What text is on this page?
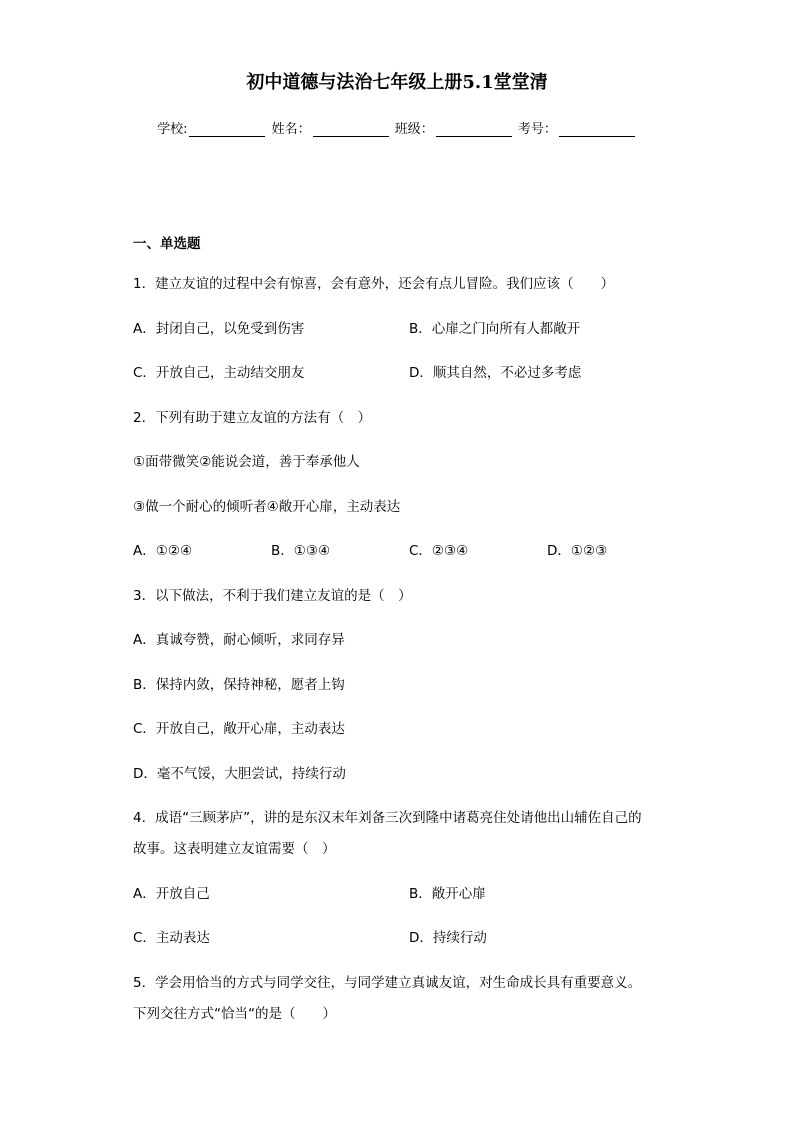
初中道德与法治七年级上册5.1堂堂清
学校:	姓名：	班级：	考号：
一、单选题
1．建立友谊的过程中会有惊喜，会有意外，还会有点儿冒险。我们应该（　　）
A．封闭自己，以免受到伤害	B．心扉之门向所有人都敞开
C．开放自己，主动结交朋友	D．顺其自然，不必过多考虑
2．下列有助于建立友谊的方法有（　）
①面带微笑②能说会道，善于奉承他人
③做一个耐心的倾听者④敞开心扉，主动表达
A．①②④	B．①③④	C．②③④	D．①②③
3．以下做法，不利于我们建立友谊的是（　）
A．真诚夸赞，耐心倾听，求同存异
B．保持内敛，保持神秘，愿者上钩
C．开放自己，敞开心扉，主动表达
D．毫不气馁，大胆尝试，持续行动
4．成语“三顾茅庐”，讲的是东汉末年刘备三次到隆中诸葛亮住处请他出山辅佐自己的
故事。这表明建立友谊需要（　）
A．开放自己	B．敞开心扉
C．主动表达	D．持续行动
5．学会用恰当的方式与同学交往，与同学建立真诚友谊，对生命成长具有重要意义。
下列交往方式“恰当“的是（　　）
